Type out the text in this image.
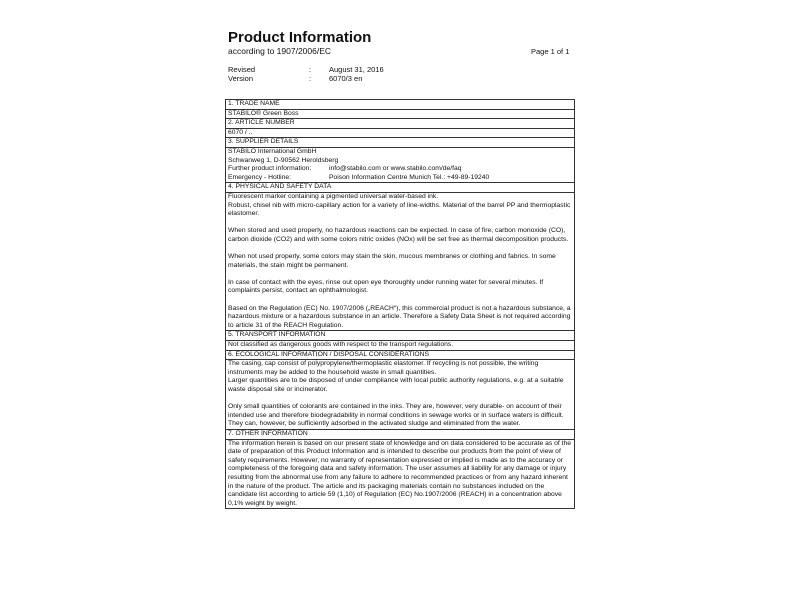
Product Information
according to 1907/2006/EC	Page 1 of 1
Revised	: August 31, 2016
Version	: 6070/3 en
1. TRADE NAME
STABILO® Green Boss
2. ARTICLE NUMBER
6070 / ..
3. SUPPLIER DETAILS
STABILO International GmbH
Schwanweg 1, D-90562 Heroldsberg
Further product information:	info@stabilo.com or www.stabilo.com/de/faq
Emergency - Hotline:	Poison Information Centre Munich Tel.: +49-89-19240
4. PHYSICAL AND SAFETY DATA
Fluorescent marker containing a pigmented universal water-based ink.
Robust, chisel nib with micro-capillary action for a variety of line-widths. Material of the barrel PP and thermoplastic elastomer.
When stored and used properly, no hazardous reactions can be expected. In case of fire, carbon monoxide (CO), carbon dioxide (CO2) and with some colors nitric oxides (NOx) will be set free as thermal decomposition products.
When not used properly, some colors may stain the skin, mucous membranes or clothing and fabrics. In some materials, the stain might be permanent.
In case of contact with the eyes, rinse out open eye thoroughly under running water for several minutes. If complaints persist, contact an ophthalmologist.
Based on the Regulation (EC) No. 1907/2006 („REACH“), this commercial product is not a hazardous substance, a hazardous mixture or a hazardous substance in an article. Therefore a Safety Data Sheet is not required according to article 31 of the REACH Regulation.
5. TRANSPORT INFORMATION
Not classified as dangerous goods with respect to the transport regulations.
6. ECOLOGICAL INFORMATION / DISPOSAL CONSIDERATIONS
The casing, cap consist of polypropylene/thermoplastic elastomer. If recycling is not possible, the writing instruments may be added to the household waste in small quantities.
Larger quantities are to be disposed of under compliance with local public authority regulations, e.g. at a suitable waste disposal site or incinerator.
Only small quantities of colorants are contained in the inks. They are, however, very durable- on account of their intended use and therefore biodegradability in normal conditions in sewage works or in surface waters is difficult. They can, however, be sufficiently adsorbed in the activated sludge and eliminated from the water.
7. OTHER INFORMATION
The information herein is based on our present state of knowledge and on data considered to be accurate as of the date of preparation of this Product Information and is intended to describe our products from the point of view of safety requirements. However, no warranty of representation expressed or implied is made as to the accuracy or completeness of the foregoing data and safety information. The user assumes all liability for any damage or injury resulting from the abnormal use from any failure to adhere to recommended practices or from any hazard inherent in the nature of the product. The article and its packaging materials contain no substances included on the candidate list according to article 59 (1,10) of Regulation (EC) No.1907/2006 (REACH) in a concentration above 0,1% weight by weight.
